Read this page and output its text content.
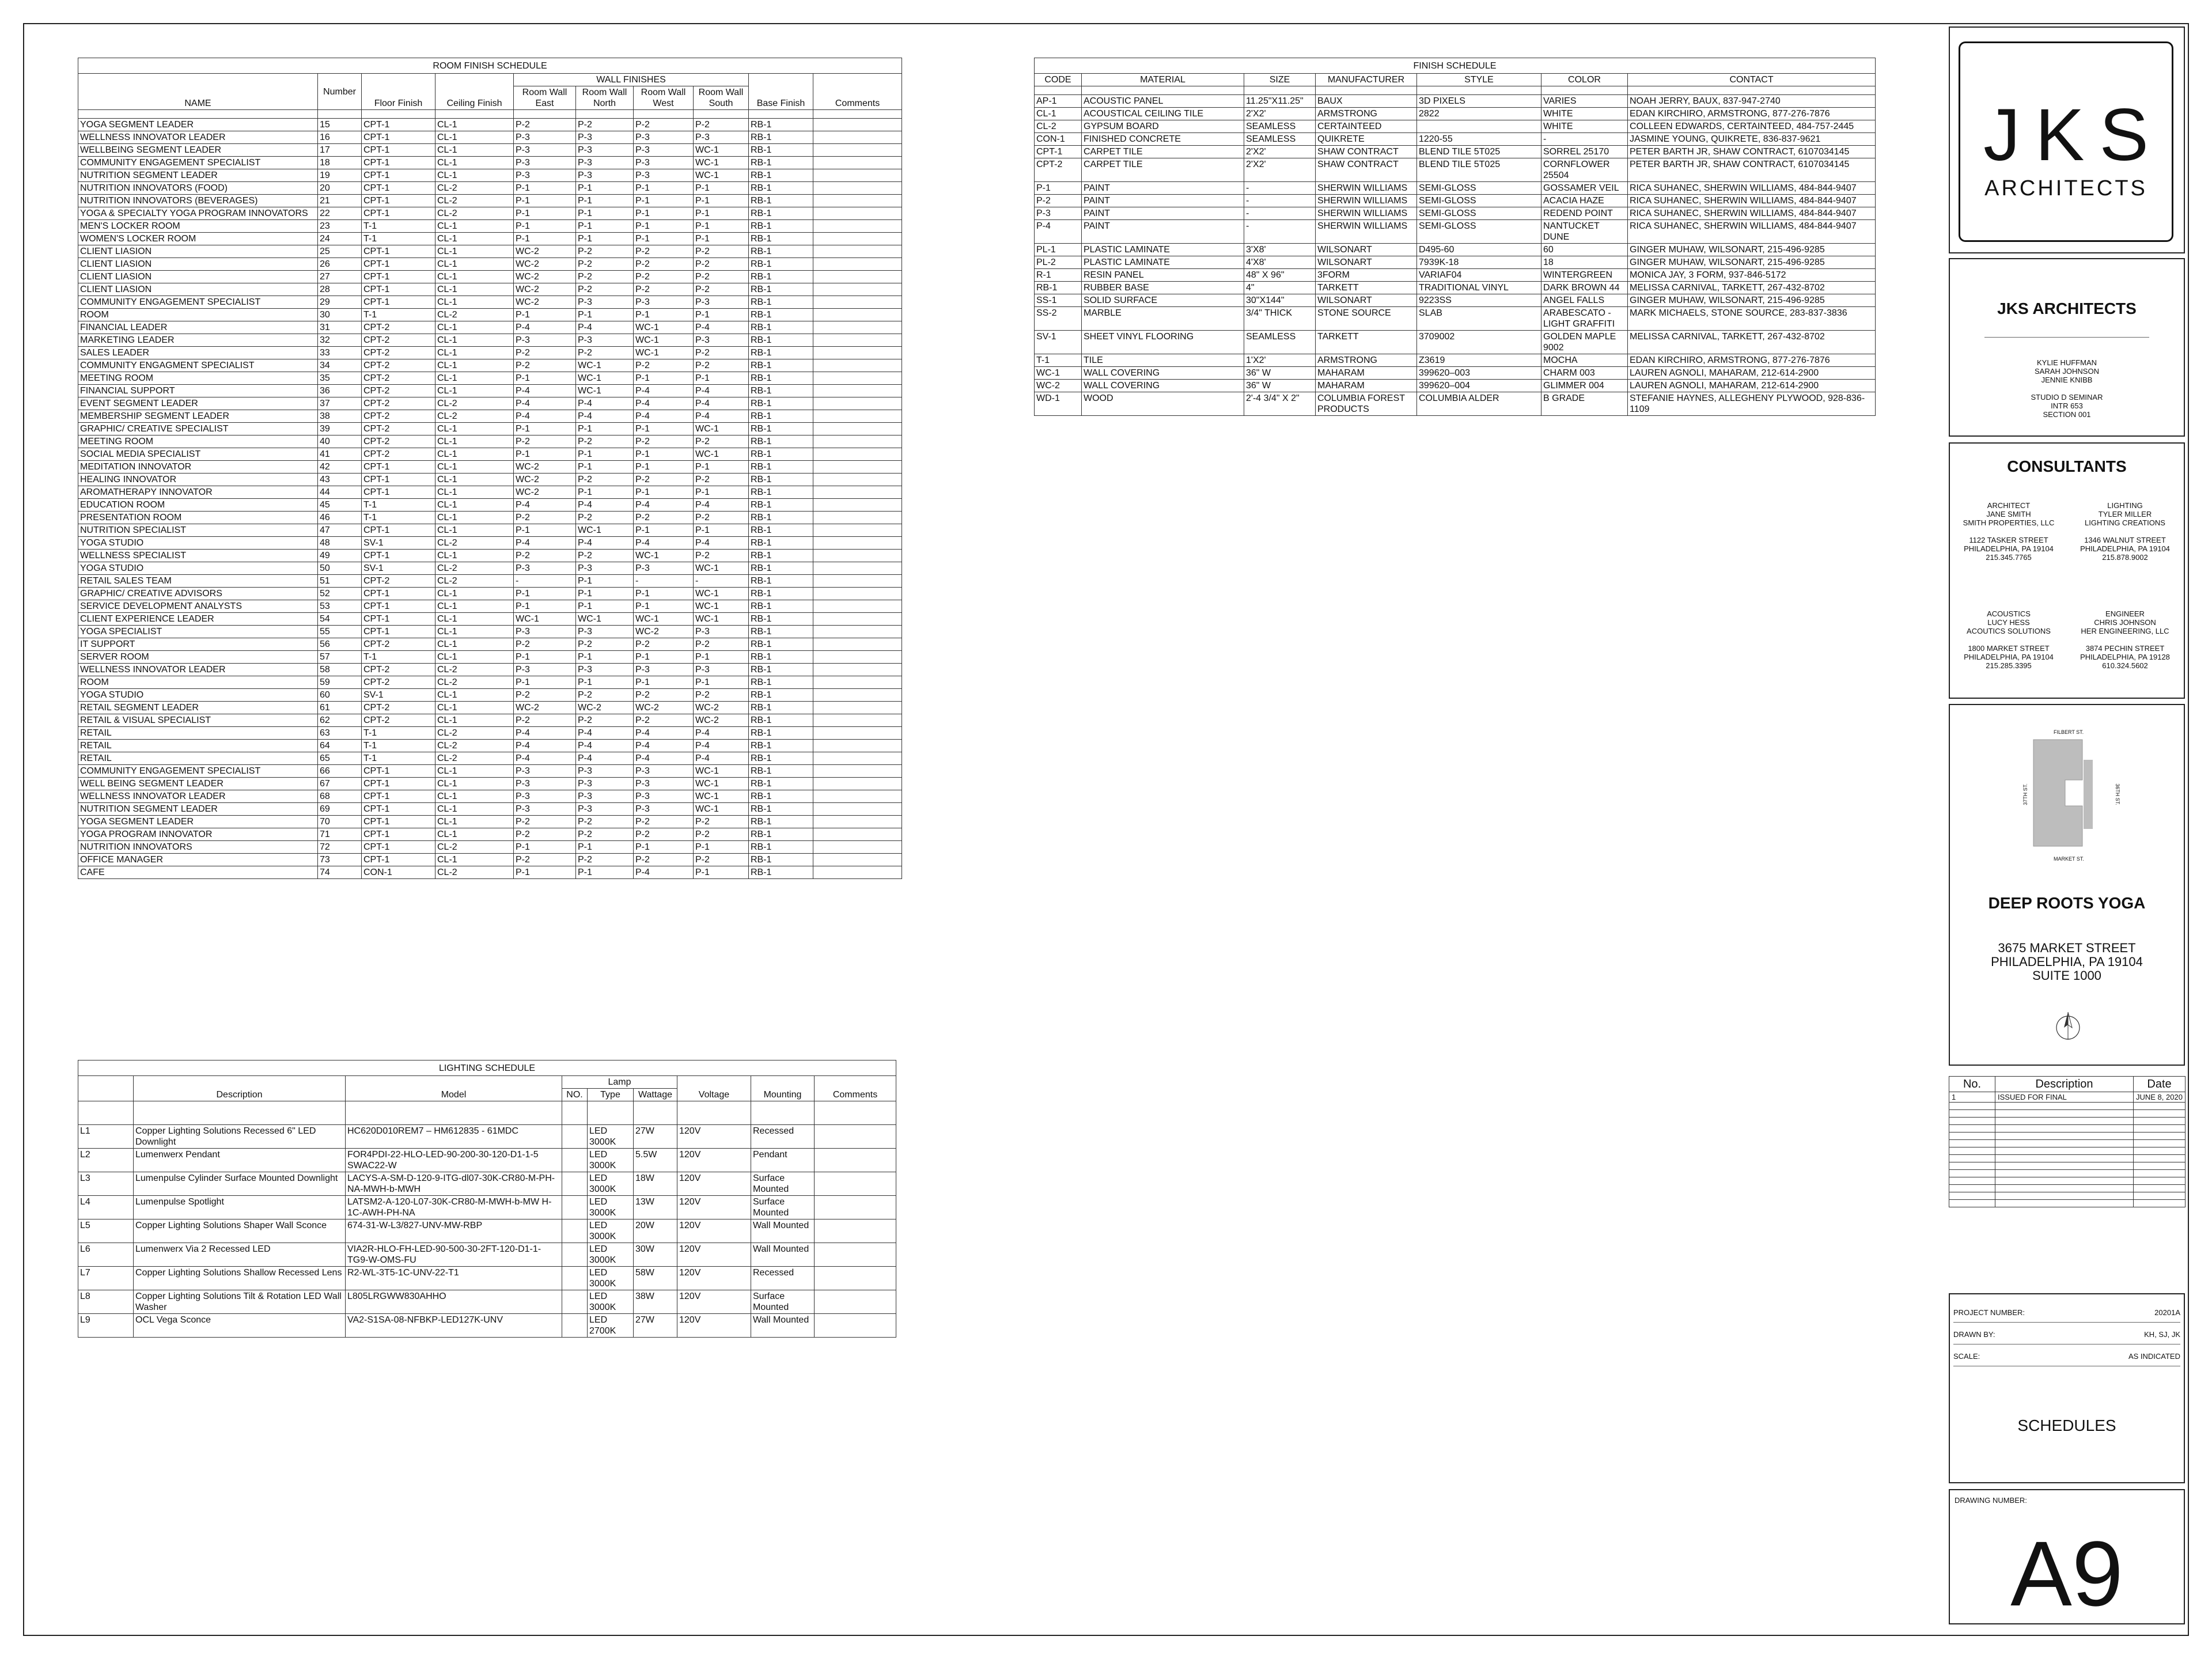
ROOM FINISH SCHEDULE									
NAME	Number	Floor Finish	Ceiling Finish	WALL FINISHES				Base Finish	Comments
				Room Wall East	Room Wall North	Room Wall West	Room Wall South		

YOGA SEGMENT LEADER	15	CPT-1	CL-1	P-2	P-2	P-2	P-2	RB-1	
WELLNESS INNOVATOR LEADER	16	CPT-1	CL-1	P-3	P-3	P-3	P-3	RB-1	
WELLBEING SEGMENT LEADER	17	CPT-1	CL-1	P-3	P-3	P-3	WC-1	RB-1	
COMMUNITY ENGAGEMENT SPECIALIST	18	CPT-1	CL-1	P-3	P-3	P-3	WC-1	RB-1	
NUTRITION SEGMENT LEADER	19	CPT-1	CL-1	P-3	P-3	P-3	WC-1	RB-1	
NUTRITION INNOVATORS (FOOD)	20	CPT-1	CL-2	P-1	P-1	P-1	P-1	RB-1	
NUTRITION INNOVATORS (BEVERAGES)	21	CPT-1	CL-2	P-1	P-1	P-1	P-1	RB-1	
YOGA & SPECIALTY YOGA PROGRAM INNOVATORS	22	CPT-1	CL-2	P-1	P-1	P-1	P-1	RB-1	
MEN'S LOCKER ROOM	23	T-1	CL-1	P-1	P-1	P-1	P-1	RB-1	
WOMEN'S LOCKER ROOM	24	T-1	CL-1	P-1	P-1	P-1	P-1	RB-1	
CLIENT LIASION	25	CPT-1	CL-1	WC-2	P-2	P-2	P-2	RB-1	
CLIENT LIASION	26	CPT-1	CL-1	WC-2	P-2	P-2	P-2	RB-1	
CLIENT LIASION	27	CPT-1	CL-1	WC-2	P-2	P-2	P-2	RB-1	
CLIENT LIASION	28	CPT-1	CL-1	WC-2	P-2	P-2	P-2	RB-1	
COMMUNITY ENGAGEMENT SPECIALIST	29	CPT-1	CL-1	WC-2	P-3	P-3	P-3	RB-1	
ROOM	30	T-1	CL-2	P-1	P-1	P-1	P-1	RB-1	
FINANCIAL LEADER	31	CPT-2	CL-1	P-4	P-4	WC-1	P-4	RB-1	
MARKETING LEADER	32	CPT-2	CL-1	P-3	P-3	WC-1	P-3	RB-1	
SALES LEADER	33	CPT-2	CL-1	P-2	P-2	WC-1	P-2	RB-1	
COMMUNITY ENGAGMENT SPECIALIST	34	CPT-2	CL-1	P-2	WC-1	P-2	P-2	RB-1	
MEETING ROOM	35	CPT-2	CL-1	P-1	WC-1	P-1	P-1	RB-1	
FINANCIAL SUPPORT	36	CPT-2	CL-1	P-4	WC-1	P-4	P-4	RB-1	
EVENT SEGMENT LEADER	37	CPT-2	CL-2	P-4	P-4	P-4	P-4	RB-1	
MEMBERSHIP SEGMENT LEADER	38	CPT-2	CL-2	P-4	P-4	P-4	P-4	RB-1	
GRAPHIC/ CREATIVE SPECIALIST	39	CPT-2	CL-1	P-1	P-1	P-1	WC-1	RB-1	
MEETING ROOM	40	CPT-2	CL-1	P-2	P-2	P-2	P-2	RB-1	
SOCIAL MEDIA SPECIALIST	41	CPT-2	CL-1	P-1	P-1	P-1	WC-1	RB-1	
MEDITATION INNOVATOR	42	CPT-1	CL-1	WC-2	P-1	P-1	P-1	RB-1	
HEALING INNOVATOR	43	CPT-1	CL-1	WC-2	P-2	P-2	P-2	RB-1	
AROMATHERAPY INNOVATOR	44	CPT-1	CL-1	WC-2	P-1	P-1	P-1	RB-1	
EDUCATION ROOM	45	T-1	CL-1	P-4	P-4	P-4	P-4	RB-1	
PRESENTATION ROOM	46	T-1	CL-1	P-2	P-2	P-2	P-2	RB-1	
NUTRITION SPECIALIST	47	CPT-1	CL-1	P-1	WC-1	P-1	P-1	RB-1	
YOGA STUDIO	48	SV-1	CL-2	P-4	P-4	P-4	P-4	RB-1	
WELLNESS SPECIALIST	49	CPT-1	CL-1	P-2	P-2	WC-1	P-2	RB-1	
YOGA STUDIO	50	SV-1	CL-2	P-3	P-3	P-3	WC-1	RB-1	
RETAIL SALES TEAM	51	CPT-2	CL-2	-	P-1	-	-	RB-1	
GRAPHIC/ CREATIVE ADVISORS	52	CPT-1	CL-1	P-1	P-1	P-1	WC-1	RB-1	
SERVICE DEVELOPMENT ANALYSTS	53	CPT-1	CL-1	P-1	P-1	P-1	WC-1	RB-1	
CLIENT EXPERIENCE LEADER	54	CPT-1	CL-1	WC-1	WC-1	WC-1	WC-1	RB-1	
YOGA SPECIALIST	55	CPT-1	CL-1	P-3	P-3	WC-2	P-3	RB-1	
IT SUPPORT	56	CPT-2	CL-1	P-2	P-2	P-2	P-2	RB-1	
SERVER ROOM	57	T-1	CL-1	P-1	P-1	P-1	P-1	RB-1	
WELLNESS INNOVATOR LEADER	58	CPT-2	CL-2	P-3	P-3	P-3	P-3	RB-1	
ROOM	59	CPT-2	CL-2	P-1	P-1	P-1	P-1	RB-1	
YOGA STUDIO	60	SV-1	CL-1	P-2	P-2	P-2	P-2	RB-1	
RETAIL SEGMENT LEADER	61	CPT-2	CL-1	WC-2	WC-2	WC-2	WC-2	RB-1	
RETAIL & VISUAL SPECIALIST	62	CPT-2	CL-1	P-2	P-2	P-2	WC-2	RB-1	
RETAIL	63	T-1	CL-2	P-4	P-4	P-4	P-4	RB-1	
RETAIL	64	T-1	CL-2	P-4	P-4	P-4	P-4	RB-1	
RETAIL	65	T-1	CL-2	P-4	P-4	P-4	P-4	RB-1	
COMMUNITY ENGAGEMENT SPECIALIST	66	CPT-1	CL-1	P-3	P-3	P-3	WC-1	RB-1	
WELL BEING SEGMENT LEADER	67	CPT-1	CL-1	P-3	P-3	P-3	WC-1	RB-1	
WELLNESS INNOVATOR LEADER	68	CPT-1	CL-1	P-3	P-3	P-3	WC-1	RB-1	
NUTRITION SEGMENT LEADER	69	CPT-1	CL-1	P-3	P-3	P-3	WC-1	RB-1	
YOGA SEGMENT LEADER	70	CPT-1	CL-1	P-2	P-2	P-2	P-2	RB-1	
YOGA PROGRAM INNOVATOR	71	CPT-1	CL-1	P-2	P-2	P-2	P-2	RB-1	
NUTRITION INNOVATORS	72	CPT-1	CL-2	P-1	P-1	P-1	P-1	RB-1	
OFFICE MANAGER	73	CPT-1	CL-1	P-2	P-2	P-2	P-2	RB-1	
CAFE	74	CON-1	CL-2	P-1	P-1	P-4	P-1	RB-1	
FINISH SCHEDULE						
CODE	MATERIAL	SIZE	MANUFACTURER	STYLE	COLOR	CONTACT

AP-1	ACOUSTIC PANEL	11.25"X11.25"	BAUX	3D PIXELS	VARIES	NOAH JERRY, BAUX, 837-947-2740
CL-1	ACOUSTICAL CEILING TILE	2'X2'	ARMSTRONG	2822	WHITE	EDAN KIRCHIRO, ARMSTRONG, 877-276-7876
CL-2	GYPSUM BOARD	SEAMLESS	CERTAINTEED		WHITE	COLLEEN EDWARDS, CERTAINTEED, 484-757-2445
CON-1	FINISHED CONCRETE	SEAMLESS	QUIKRETE	1220-55	-	JASMINE YOUNG, QUIKRETE, 836-837-9621
CPT-1	CARPET TILE	2'X2'	SHAW CONTRACT	BLEND TILE 5T025	SORREL 25170	PETER BARTH JR, SHAW CONTRACT, 6107034145
CPT-2	CARPET TILE	2'X2'	SHAW CONTRACT	BLEND TILE 5T025	CORNFLOWER 25504	PETER BARTH JR, SHAW CONTRACT, 6107034145
P-1	PAINT	-	SHERWIN WILLIAMS	SEMI-GLOSS	GOSSAMER VEIL	RICA SUHANEC, SHERWIN WILLIAMS, 484-844-9407
P-2	PAINT	-	SHERWIN WILLIAMS	SEMI-GLOSS	ACACIA HAZE	RICA SUHANEC, SHERWIN WILLIAMS, 484-844-9407
P-3	PAINT	-	SHERWIN WILLIAMS	SEMI-GLOSS	REDEND POINT	RICA SUHANEC, SHERWIN WILLIAMS, 484-844-9407
P-4	PAINT	-	SHERWIN WILLIAMS	SEMI-GLOSS	NANTUCKET DUNE	RICA SUHANEC, SHERWIN WILLIAMS, 484-844-9407
PL-1	PLASTIC LAMINATE	3'X8'	WILSONART	D495-60	60	GINGER MUHAW, WILSONART, 215-496-9285
PL-2	PLASTIC LAMINATE	4'X8'	WILSONART	7939K-18	18	GINGER MUHAW, WILSONART, 215-496-9285
R-1	RESIN PANEL	48" X 96"	3FORM	VARIAF04	WINTERGREEN	MONICA JAY, 3 FORM, 937-846-5172
RB-1	RUBBER BASE	4"	TARKETT	TRADITIONAL VINYL	DARK BROWN 44	MELISSA CARNIVAL, TARKETT, 267-432-8702
SS-1	SOLID SURFACE	30"X144"	WILSONART	9223SS	ANGEL FALLS	GINGER MUHAW, WILSONART, 215-496-9285
SS-2	MARBLE	3/4" THICK	STONE SOURCE	SLAB	ARABESCATO -LIGHT GRAFFITI	MARK MICHAELS, STONE SOURCE, 283-837-3836
SV-1	SHEET VINYL FLOORING	SEAMLESS	TARKETT	3709002	GOLDEN MAPLE 9002	MELISSA CARNIVAL, TARKETT, 267-432-8702
T-1	TILE	1'X2'	ARMSTRONG	Z3619	MOCHA	EDAN KIRCHIRO, ARMSTRONG, 877-276-7876
WC-1	WALL COVERING	36" W	MAHARAM	399620–003	CHARM 003	LAUREN AGNOLI, MAHARAM, 212-614-2900
WC-2	WALL COVERING	36" W	MAHARAM	399620–004	GLIMMER 004	LAUREN AGNOLI, MAHARAM, 212-614-2900
WD-1	WOOD	2'-4 3/4" X 2"	COLUMBIA FOREST PRODUCTS	COLUMBIA ALDER	B GRADE	STEFANIE HAYNES, ALLEGHENY PLYWOOD, 928-836-1109
LIGHTING SCHEDULE								
	Description	Model	Lamp			Voltage	Mounting	Comments
			NO.	Type	Wattage			

L1	Copper Lighting Solutions Recessed 6" LED Downlight	HC620D010REM7 – HM612835 - 61MDC		LED 3000K	27W	120V	Recessed	
L2	Lumenwerx Pendant	FOR4PDI-22-HLO-LED-90-200-30-120-D1-1-5 SWAC22-W		LED 3000K	5.5W	120V	Pendant	
L3	Lumenpulse Cylinder Surface Mounted Downlight	LACYS-A-SM-D-120-9-ITG-dl07-30K-CR80-M-PH-NA-MWH-b-MWH		LED 3000K	18W	120V	Surface Mounted	
L4	Lumenpulse Spotlight	LATSM2-A-120-L07-30K-CR80-M-MWH-b-MW H-1C-AWH-PH-NA		LED 3000K	13W	120V	Surface Mounted	
L5	Copper Lighting Solutions Shaper Wall Sconce	674-31-W-L3/827-UNV-MW-RBP		LED 3000K	20W	120V	Wall Mounted	
L6	Lumenwerx Via 2 Recessed LED	VIA2R-HLO-FH-LED-90-500-30-2FT-120-D1-1-TG9-W-OMS-FU		LED 3000K	30W	120V	Wall Mounted	
L7	Copper Lighting Solutions Shallow Recessed Lens	R2-WL-3T5-1C-UNV-22-T1		LED 3000K	58W	120V	Recessed	
L8	Copper Lighting Solutions Tilt & Rotation LED Wall Washer	L805LRGWW830AHHO		LED 3000K	38W	120V	Surface Mounted	
L9	OCL Vega Sconce	VA2-S1SA-08-NFBKP-LED127K-UNV		LED 2700K	27W	120V	Wall Mounted	
JKS
ARCHITECTS
JKS ARCHITECTS
KYLIE HUFFMAN
SARAH JOHNSON
JENNIE KNIBB
STUDIO D SEMINAR
INTR 653
SECTION 001
CONSULTANTS
ARCHITECT
JANE SMITH
SMITH PROPERTIES, LLC
1122 TASKER STREET
PHILADELPHIA, PA 19104
215.345.7765
LIGHTING
TYLER MILLER
LIGHTING CREATIONS
1346 WALNUT STREET
PHILADELPHIA, PA 19104
215.878.9002
ACOUSTICS
LUCY HESS
ACOUTICS SOLUTIONS
1800 MARKET STREET
PHILADELPHIA, PA 19104
215.285.3395
ENGINEER
CHRIS JOHNSON
HER ENGINEERING, LLC
3874 PECHIN STREET
PHILADELPHIA, PA 19128
610.324.5602
FILBERT ST.
MARKET ST.
37TH ST.	36TH ST.
DEEP ROOTS YOGA
3675 MARKET STREET
PHILADELPHIA, PA 19104
SUITE 1000
No.	Description	Date
1	ISSUED FOR FINAL	JUNE 8, 2020

PROJECT NUMBER:	20201A
DRAWN BY:	KH, SJ, JK
SCALE:	AS INDICATED
SCHEDULES
DRAWING NUMBER:
A9
